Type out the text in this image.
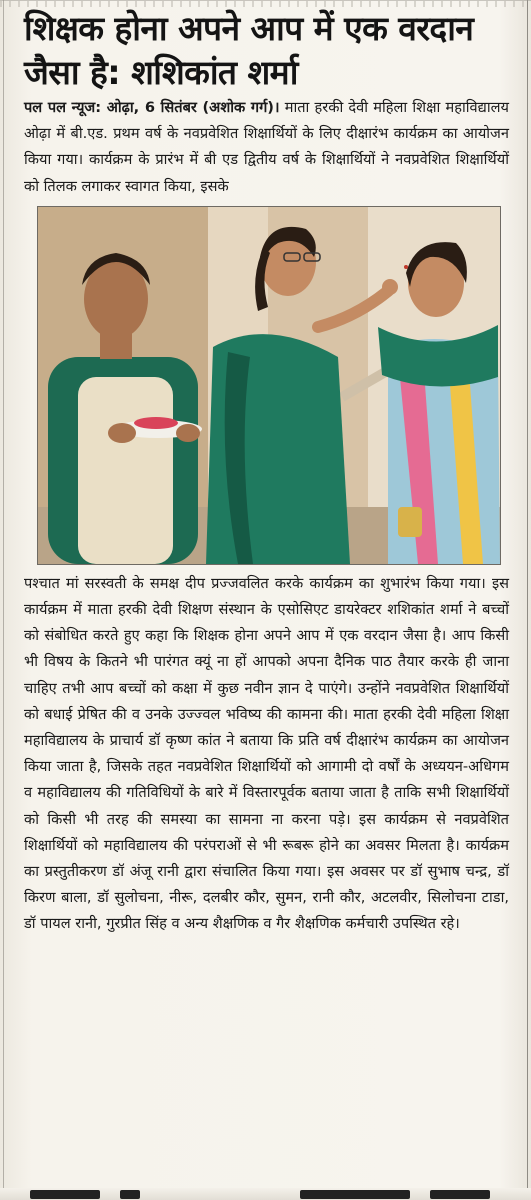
शिक्षक होना अपने आप में एक वरदान
जैसा है: शशिकांत शर्मा

पल पल न्यूज: ओढ़ा, 6 सितंबर (अशोक गर्ग)। माता हरकी देवी महिला शिक्षा महाविद्यालय ओढ़ा में बी.एड. प्रथम वर्ष के नवप्रवेशित शिक्षार्थियों के लिए दीक्षारंभ कार्यक्रम का आयोजन किया गया। कार्यक्रम के प्रारंभ में बी एड द्वितीय वर्ष के शिक्षार्थियों ने नवप्रवेशित शिक्षार्थियों को तिलक लगाकर स्वागत किया, इसके

पश्चात मां सरस्वती के समक्ष दीप प्रज्जवलित करके कार्यक्रम का शुभारंभ किया गया। इस कार्यक्रम में माता हरकी देवी शिक्षण संस्थान के एसोसिएट डायरेक्टर शशिकांत शर्मा ने बच्चों को संबोधित करते हुए कहा कि शिक्षक होना अपने आप में एक वरदान जैसा है। आप किसी भी विषय के कितने भी पारंगत क्यूं ना हों आपको अपना दैनिक पाठ तैयार करके ही जाना चाहिए तभी आप बच्चों को कक्षा में कुछ नवीन ज्ञान दे पाएंगे। उन्होंने नवप्रवेशित शिक्षार्थियों को बधाई प्रेषित की व उनके उज्ज्वल भविष्य की कामना की। माता हरकी देवी महिला शिक्षा महाविद्यालय के प्राचार्य डॉ कृष्ण कांत ने बताया कि प्रति वर्ष दीक्षारंभ कार्यक्रम का आयोजन किया जाता है, जिसके तहत नवप्रवेशित शिक्षार्थियों को आगामी दो वर्षों के अध्ययन-अधिगम व महाविद्यालय की गतिविधियों के बारे में विस्तारपूर्वक बताया जाता है ताकि सभी शिक्षार्थियों को किसी भी तरह की समस्या का सामना ना करना पड़े। इस कार्यक्रम से नवप्रवेशित शिक्षार्थियों को महाविद्यालय की परंपराओं से भी रूबरू होने का अवसर मिलता है। कार्यक्रम का प्रस्तुतीकरण डॉ अंजू रानी द्वारा संचालित किया गया। इस अवसर पर डॉ सुभाष चन्द्र, डॉ किरण बाला, डॉ सुलोचना, नीरू, दलबीर कौर, सुमन, रानी कौर, अटलवीर, सिलोचना टाडा, डॉ पायल रानी, गुरप्रीत सिंह व अन्य शैक्षणिक व गैर शैक्षणिक कर्मचारी उपस्थित रहे।
